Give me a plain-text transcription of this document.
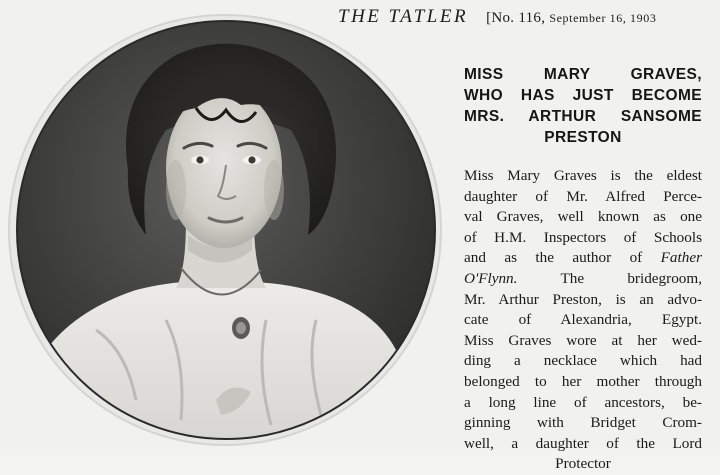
THE TATLER [No. 116, September 16, 1903
MISS MARY GRAVES,
WHO HAS JUST BECOME
MRS. ARTHUR SANSOME
PRESTON
Miss Mary Graves is the eldest
daughter of Mr. Alfred Perce-
val Graves, well known as one
of H.M. Inspectors of Schools
and as the author of Father
O'Flynn. The bridegroom,
Mr. Arthur Preston, is an advo-
cate of Alexandria, Egypt.
Miss Graves wore at her wed-
ding a necklace which had
belonged to her mother through
a long line of ancestors, be-
ginning with Bridget Crom-
well, a daughter of the Lord
Protector
